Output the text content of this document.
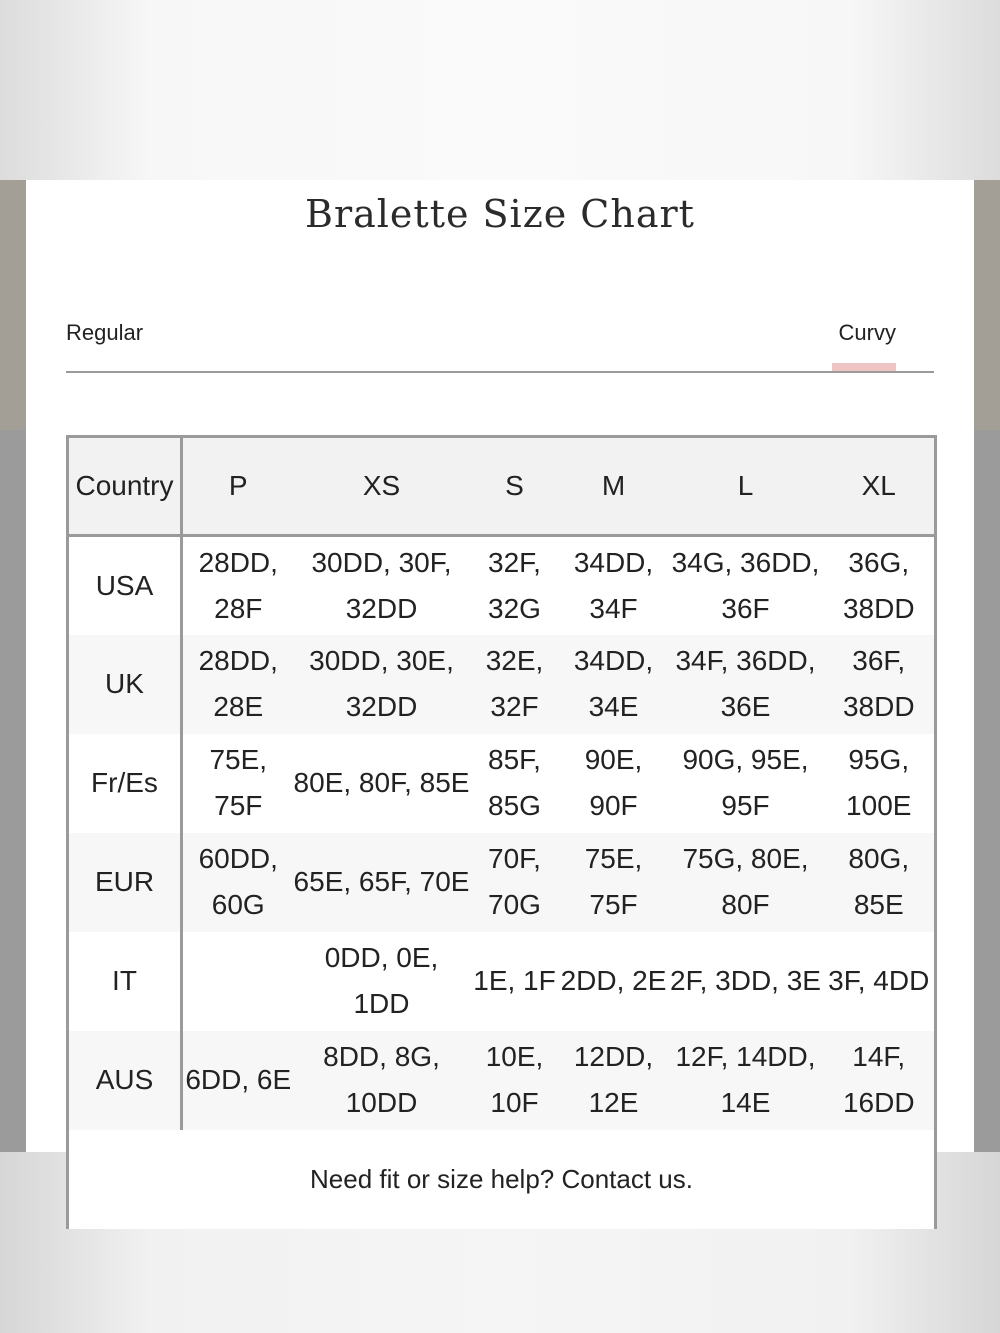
Bralette Size Chart
Regular	Curvy
Country	P	XS	S	M	L	XL
USA	28DD, 28F	30DD, 30F, 32DD	32F, 32G	34DD, 34F	34G, 36DD, 36F	36G, 38DD
UK	28DD, 28E	30DD, 30E, 32DD	32E, 32F	34DD, 34E	34F, 36DD, 36E	36F, 38DD
Fr/Es	75E, 75F	80E, 80F, 85E	85F, 85G	90E, 90F	90G, 95E, 95F	95G, 100E
EUR	60DD, 60G	65E, 65F, 70E	70F, 70G	75E, 75F	75G, 80E, 80F	80G, 85E
IT		0DD, 0E, 1DD	1E, 1F	2DD, 2E	2F, 3DD, 3E	3F, 4DD
AUS	6DD, 6E	8DD, 8G, 10DD	10E, 10F	12DD, 12E	12F, 14DD, 14E	14F, 16DD
Need fit or size help? Contact us.						
